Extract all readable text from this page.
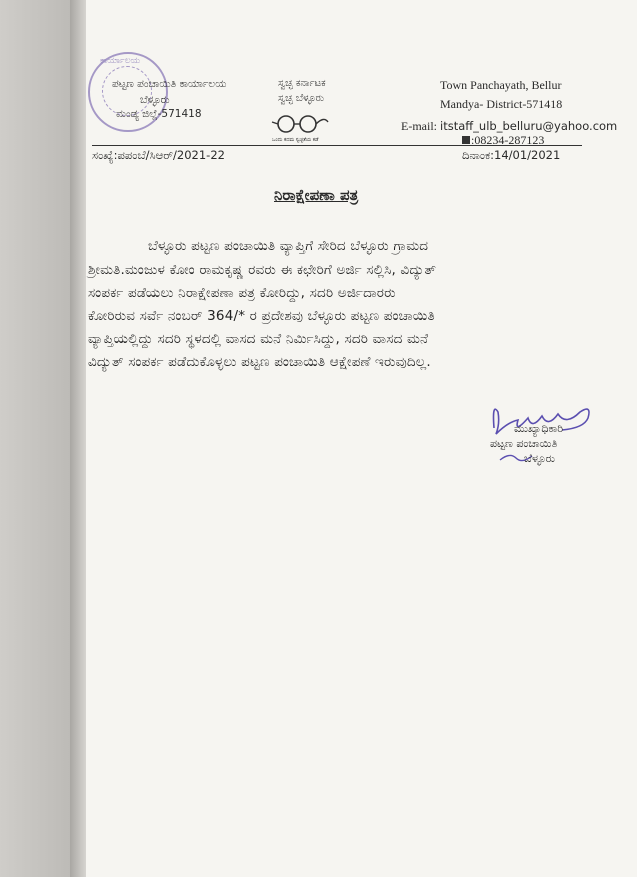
ಕಾರ್ಯಾಲಯ
ಪಟ್ಟಣ ಪಂಚಾಯಿತಿ ಕಾರ್ಯಾಲಯ
ಬೆಳ್ಳೂರು
ಮಂಡ್ಯ ಜಿಲ್ಲೆ-571418
ಸ್ವಚ್ಛ ಕರ್ನಾಟಕ
ಸ್ವಚ್ಛ ಬೆಳ್ಳೂರು
ಒಂದು ಕದಮ ಸ್ವಚ್ಛತೆಯ ಕಡೆ
Town Panchayath, Bellur
Mandya- District-571418
E-mail: itstaff_ulb_belluru@yahoo.com
:08234-287123
ಸಂಖ್ಯೆ:ಪಪಂಬೆ/ಸಿಆರ್/2021-22	ದಿನಾಂಕ:14/01/2021
ನಿರಾಕ್ಷೇಪಣಾ ಪತ್ರ
ಬೆಳ್ಳೂರು ಪಟ್ಟಣ ಪಂಚಾಯಿತಿ ವ್ಯಾಪ್ತಿಗೆ ಸೇರಿದ ಬೆಳ್ಳೂರು ಗ್ರಾಮದ
ಶ್ರೀಮತಿ.ಮಂಜುಳ ಕೋಂ ರಾಮಕೃಷ್ಣ ರವರು ಈ ಕಛೇರಿಗೆ ಅರ್ಜಿ ಸಲ್ಲಿಸಿ, ವಿದ್ಯುತ್
ಸಂಪರ್ಕ ಪಡೆಯಲು ನಿರಾಕ್ಷೇಪಣಾ ಪತ್ರ ಕೋರಿದ್ದು, ಸದರಿ ಅರ್ಜಿದಾರರು
ಕೋರಿರುವ ಸರ್ವೆ ನಂಬರ್ 364/* ರ ಪ್ರದೇಶವು ಬೆಳ್ಳೂರು ಪಟ್ಟಣ ಪಂಚಾಯಿತಿ
ವ್ಯಾಪ್ತಿಯಲ್ಲಿದ್ದು ಸದರಿ ಸ್ಥಳದಲ್ಲಿ ವಾಸದ ಮನೆ ನಿರ್ಮಿಸಿದ್ದು, ಸದರಿ ವಾಸದ ಮನೆ
ವಿದ್ಯುತ್ ಸಂಪರ್ಕ ಪಡೆದುಕೊಳ್ಳಲು ಪಟ್ಟಣ ಪಂಚಾಯಿತಿ ಆಕ್ಷೇಪಣೆ ಇರುವುದಿಲ್ಲ.
ಮುಖ್ಯಾಧಿಕಾರಿ
ಪಟ್ಟಣ ಪಂಚಾಯಿತಿ
ಬೆಳ್ಳೂರು
